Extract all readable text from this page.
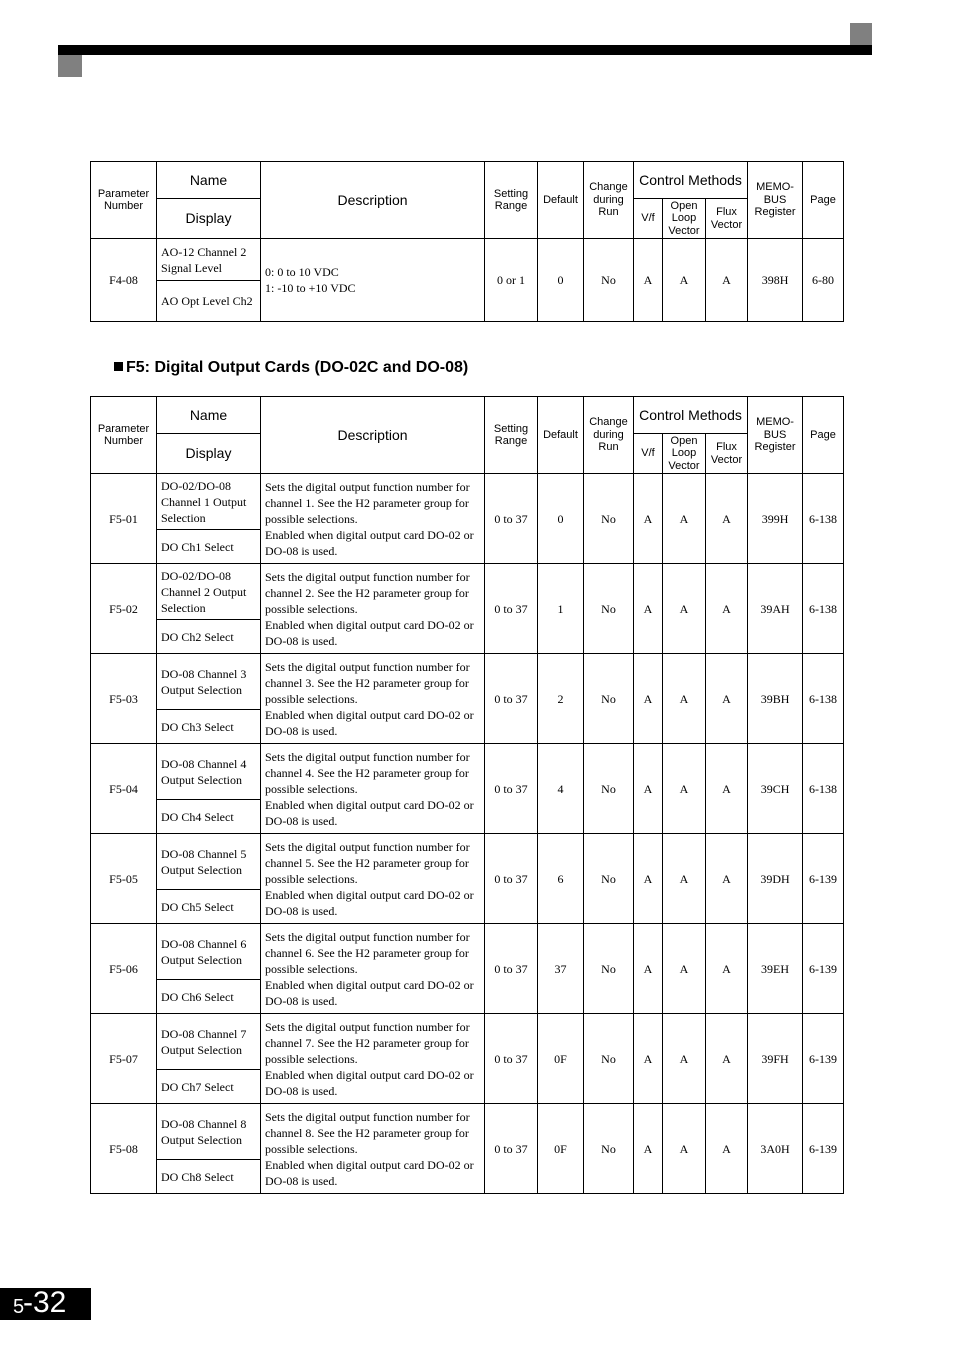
Parameter Number	Name	Description	Setting Range	Default	Change during Run	Control Methods			MEMO-BUS Register	Page
	Display					V/f	Open Loop Vector	Flux Vector		
F4-08	AO-12 Channel 2 Signal Level	0: 0 to 10 VDC
1: -10 to +10 VDC	0 or 1	0	No	A	A	A	398H	6-80
	AO Opt Level Ch2									
F5: Digital Output Cards (DO-02C and DO-08)
Parameter Number	Name	Description	Setting Range	Default	Change during Run	Control Methods			MEMO-BUS Register	Page
	Display					V/f	Open Loop Vector	Flux Vector		
F5-01	DO-02/DO-08 Channel 1 Output Selection	Sets the digital output function number for channel 1. See the H2 parameter group for possible selections.
Enabled when digital output card DO-02 or DO-08 is used.	0 to 37	0	No	A	A	A	399H	6-138
	DO Ch1 Select									
F5-02	DO-02/DO-08 Channel 2 Output Selection	Sets the digital output function number for channel 2. See the H2 parameter group for possible selections.
Enabled when digital output card DO-02 or DO-08 is used.	0 to 37	1	No	A	A	A	39AH	6-138
	DO Ch2 Select									
F5-03	DO-08 Channel 3 Output Selection	Sets the digital output function number for channel 3. See the H2 parameter group for possible selections.
Enabled when digital output card DO-02 or DO-08 is used.	0 to 37	2	No	A	A	A	39BH	6-138
	DO Ch3 Select									
F5-04	DO-08 Channel 4 Output Selection	Sets the digital output function number for channel 4. See the H2 parameter group for possible selections.
Enabled when digital output card DO-02 or DO-08 is used.	0 to 37	4	No	A	A	A	39CH	6-138
	DO Ch4 Select									
F5-05	DO-08 Channel 5 Output Selection	Sets the digital output function number for channel 5. See the H2 parameter group for possible selections.
Enabled when digital output card DO-02 or DO-08 is used.	0 to 37	6	No	A	A	A	39DH	6-139
	DO Ch5 Select									
F5-06	DO-08 Channel 6 Output Selection	Sets the digital output function number for channel 6. See the H2 parameter group for possible selections.
Enabled when digital output card DO-02 or DO-08 is used.	0 to 37	37	No	A	A	A	39EH	6-139
	DO Ch6 Select									
F5-07	DO-08 Channel 7 Output Selection	Sets the digital output function number for channel 7. See the H2 parameter group for possible selections.
Enabled when digital output card DO-02 or DO-08 is used.	0 to 37	0F	No	A	A	A	39FH	6-139
	DO Ch7 Select									
F5-08	DO-08 Channel 8 Output Selection	Sets the digital output function number for channel 8. See the H2 parameter group for possible selections.
Enabled when digital output card DO-02 or DO-08 is used.	0 to 37	0F	No	A	A	A	3A0H	6-139
	DO Ch8 Select									
5
-32
